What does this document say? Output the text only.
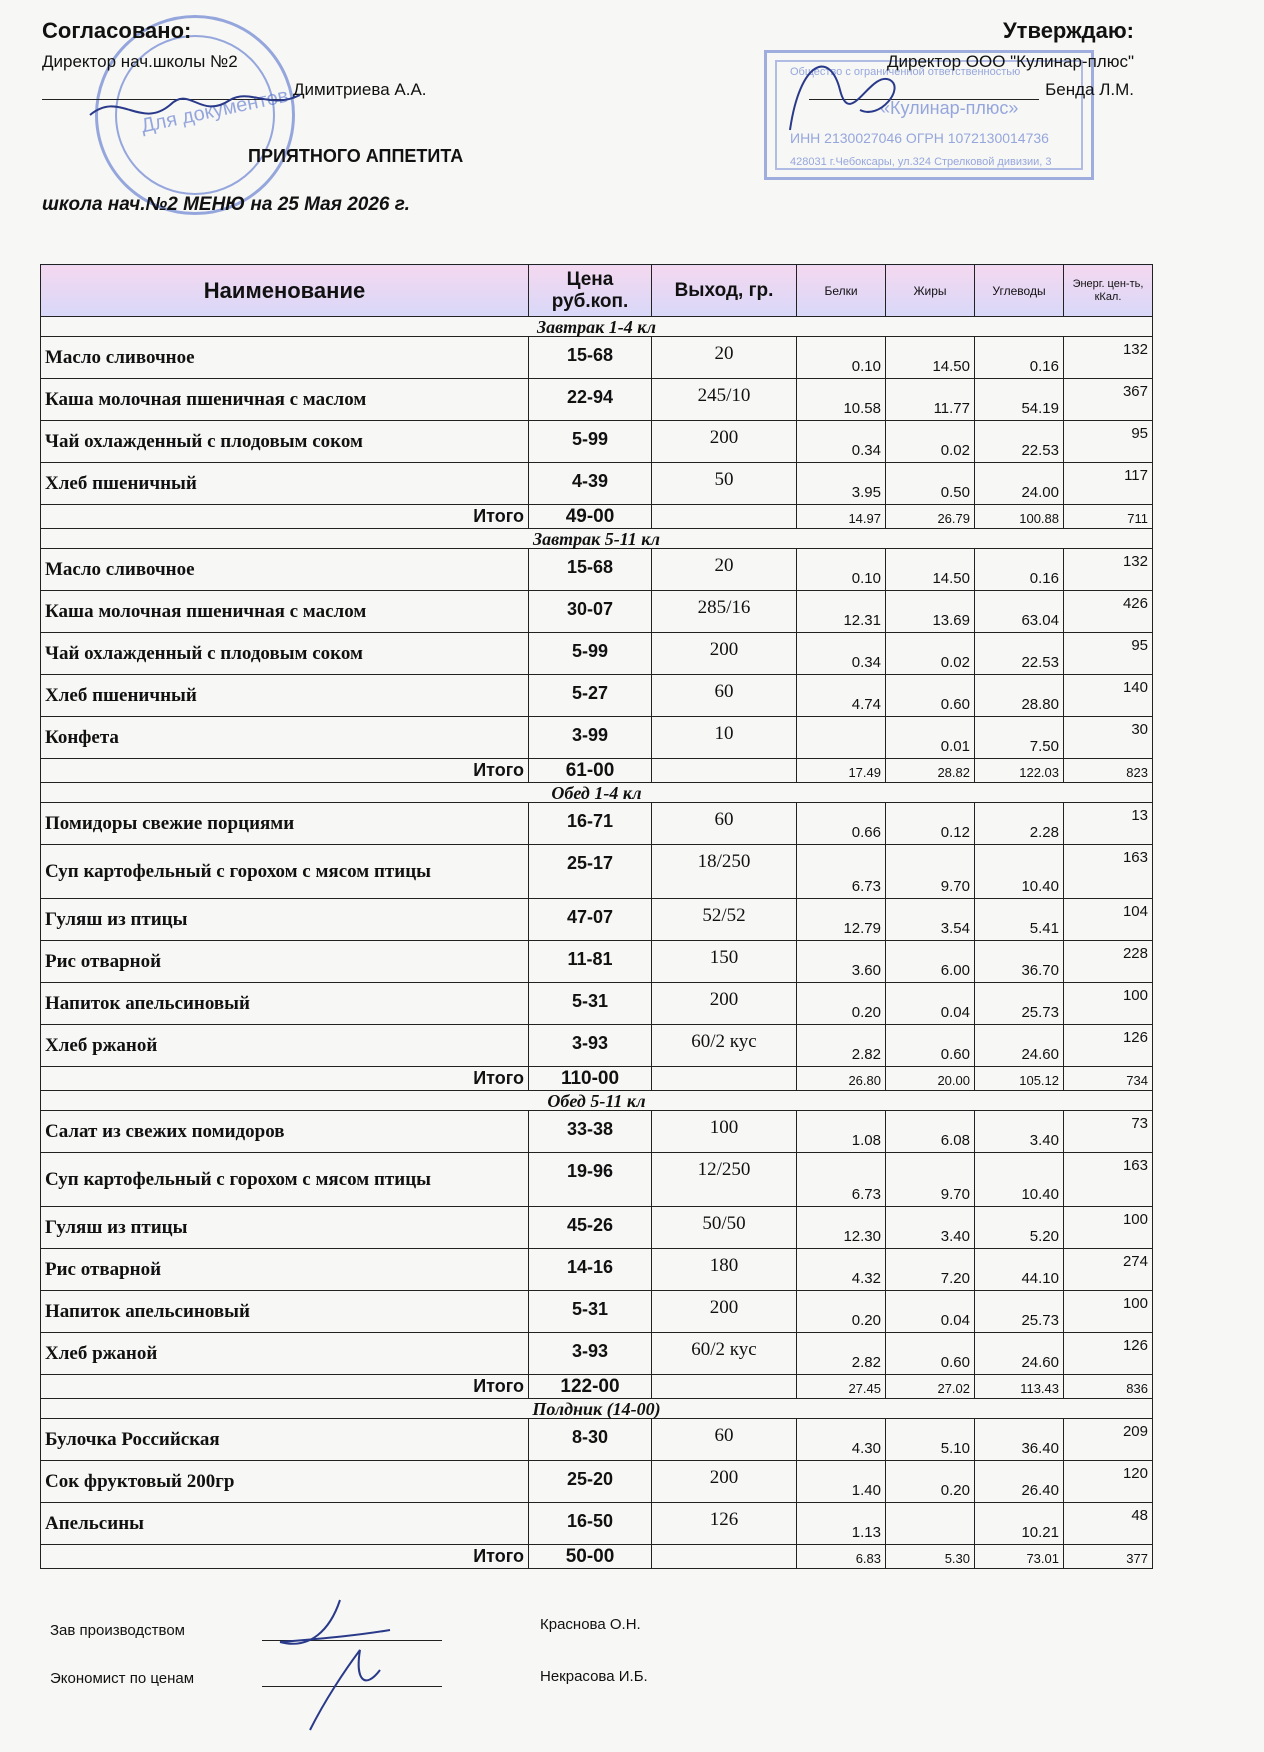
Для документов
Общество с ограниченной ответственностью
«Кулинар-плюс»
ИНН 2130027046 ОГРН 1072130014736
428031 г.Чебоксары, ул.324 Стрелковой дивизии, 3
Согласовано:
Директор нач.школы №2
Димитриева А.А.
Утверждаю:
Директор ООО "Кулинар-плюс"
Бенда Л.М.
ПРИЯТНОГО АППЕТИТА
школа нач.№2 МЕНЮ на 25 Мая 2026 г.
Наименование	Цена руб.коп.	Выход, гр.	Белки	Жиры	Углеводы	Энерг. цен-ть, кКал.
Завтрак 1-4 кл						
Масло сливочное	15-68	20	0.10	14.50	0.16	132
Каша молочная пшеничная с маслом	22-94	245/10	10.58	11.77	54.19	367
Чай охлажденный с плодовым соком	5-99	200	0.34	0.02	22.53	95
Хлеб пшеничный	4-39	50	3.95	0.50	24.00	117
Итого	49-00		14.97	26.79	100.88	711
Завтрак 5-11 кл						
Масло сливочное	15-68	20	0.10	14.50	0.16	132
Каша молочная пшеничная с маслом	30-07	285/16	12.31	13.69	63.04	426
Чай охлажденный с плодовым соком	5-99	200	0.34	0.02	22.53	95
Хлеб пшеничный	5-27	60	4.74	0.60	28.80	140
Конфета	3-99	10		0.01	7.50	30
Итого	61-00		17.49	28.82	122.03	823
Обед 1-4 кл						
Помидоры свежие порциями	16-71	60	0.66	0.12	2.28	13
Суп картофельный с горохом с мясом птицы	25-17	18/250	6.73	9.70	10.40	163
Гуляш из птицы	47-07	52/52	12.79	3.54	5.41	104
Рис отварной	11-81	150	3.60	6.00	36.70	228
Напиток апельсиновый	5-31	200	0.20	0.04	25.73	100
Хлеб ржаной	3-93	60/2 кус	2.82	0.60	24.60	126
Итого	110-00		26.80	20.00	105.12	734
Обед 5-11 кл						
Салат из свежих помидоров	33-38	100	1.08	6.08	3.40	73
Суп картофельный с горохом с мясом птицы	19-96	12/250	6.73	9.70	10.40	163
Гуляш из птицы	45-26	50/50	12.30	3.40	5.20	100
Рис отварной	14-16	180	4.32	7.20	44.10	274
Напиток апельсиновый	5-31	200	0.20	0.04	25.73	100
Хлеб ржаной	3-93	60/2 кус	2.82	0.60	24.60	126
Итого	122-00		27.45	27.02	113.43	836
Полдник (14-00)						
Булочка Российская	8-30	60	4.30	5.10	36.40	209
Сок фруктовый 200гр	25-20	200	1.40	0.20	26.40	120
Апельсины	16-50	126	1.13		10.21	48
Итого	50-00		6.83	5.30	73.01	377
Зав производством	Краснова О.Н.
Экономист по ценам	Некрасова И.Б.
